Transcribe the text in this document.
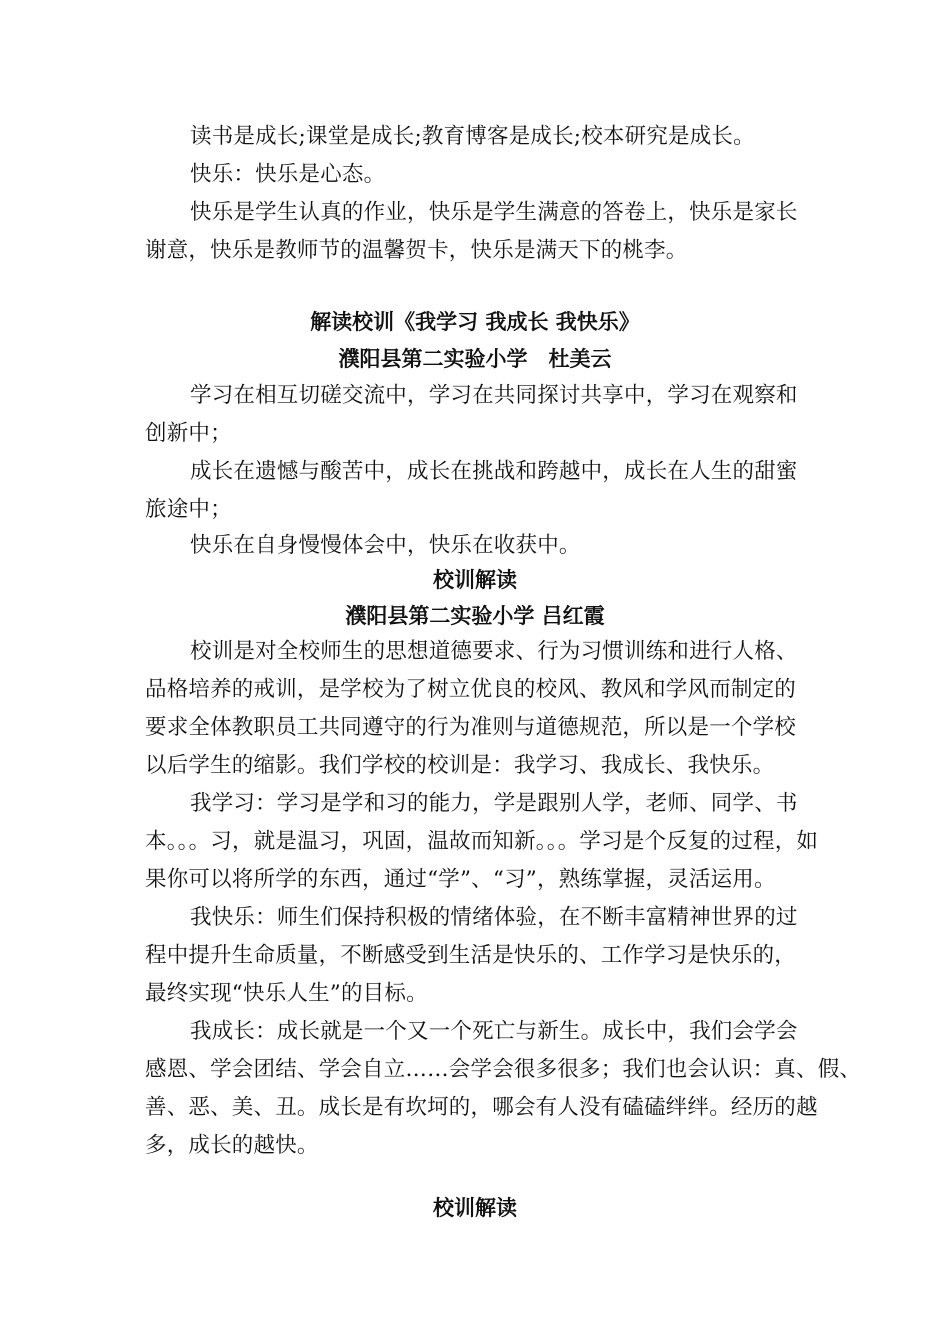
读书是成长;课堂是成长;教育博客是成长;校本研究是成长。
快乐：快乐是心态。
快乐是学生认真的作业，快乐是学生满意的答卷上，快乐是家长
谢意，快乐是教师节的温馨贺卡，快乐是满天下的桃李。
解读校训《我学习 我成长 我快乐》
濮阳县第二实验小学　杜美云
学习在相互切磋交流中，学习在共同探讨共享中，学习在观察和
创新中；
成长在遗憾与酸苦中，成长在挑战和跨越中，成长在人生的甜蜜
旅途中；
快乐在自身慢慢体会中，快乐在收获中。
校训解读
濮阳县第二实验小学 吕红霞
校训是对全校师生的思想道德要求、行为习惯训练和进行人格、
品格培养的戒训，是学校为了树立优良的校风、教风和学风而制定的
要求全体教职员工共同遵守的行为准则与道德规范，所以是一个学校
以后学生的缩影。我们学校的校训是：我学习、我成长、我快乐。
我学习：学习是学和习的能力，学是跟别人学，老师、同学、书
本。。。习，就是温习，巩固，温故而知新。。。学习是个反复的过程，如
果你可以将所学的东西，通过“学”、“习”，熟练掌握，灵活运用。
我快乐：师生们保持积极的情绪体验，在不断丰富精神世界的过
程中提升生命质量，不断感受到生活是快乐的、工作学习是快乐的，
最终实现“快乐人生”的目标。
我成长：成长就是一个又一个死亡与新生。成长中，我们会学会
感恩、学会团结、学会自立……会学会很多很多；我们也会认识：真、假、
善、恶、美、丑。成长是有坎坷的，哪会有人没有磕磕绊绊。经历的越
多，成长的越快。
校训解读
